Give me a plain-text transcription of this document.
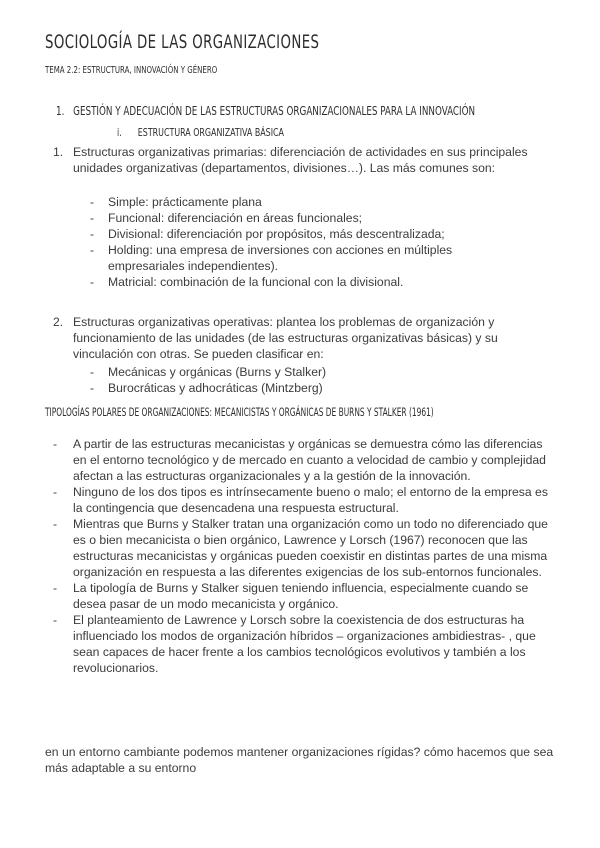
SOCIOLOGÍA DE LAS ORGANIZACIONES
TEMA 2.2: ESTRUCTURA, INNOVACIÓN Y GÉNERO
1. GESTIÓN Y ADECUACIÓN DE LAS ESTRUCTURAS ORGANIZACIONALES PARA LA INNOVACIÓN
i. ESTRUCTURA ORGANIZATIVA BÁSICA
1. Estructuras organizativas primarias: diferenciación de actividades en sus principales unidades organizativas (departamentos, divisiones…). Las más comunes son:
- Simple: prácticamente plana
- Funcional: diferenciación en áreas funcionales;
- Divisional: diferenciación por propósitos, más descentralizada;
- Holding: una empresa de inversiones con acciones en múltiples empresariales independientes).
- Matricial: combinación de la funcional con la divisional.
2. Estructuras organizativas operativas: plantea los problemas de organización y funcionamiento de las unidades (de las estructuras organizativas básicas) y su vinculación con otras. Se pueden clasificar en:
- Mecánicas y orgánicas (Burns y Stalker)
- Burocráticas y adhocráticas (Mintzberg)
TIPOLOGÍAS POLARES DE ORGANIZACIONES: MECANICISTAS Y ORGÁNICAS DE BURNS Y STALKER (1961)
- A partir de las estructuras mecanicistas y orgánicas se demuestra cómo las diferencias en el entorno tecnológico y de mercado en cuanto a velocidad de cambio y complejidad afectan a las estructuras organizacionales y a la gestión de la innovación.
- Ninguno de los dos tipos es intrínsecamente bueno o malo; el entorno de la empresa es la contingencia que desencadena una respuesta estructural.
- Mientras que Burns y Stalker tratan una organización como un todo no diferenciado que es o bien mecanicista o bien orgánico, Lawrence y Lorsch (1967) reconocen que las estructuras mecanicistas y orgánicas pueden coexistir en distintas partes de una misma organización en respuesta a las diferentes exigencias de los sub-entornos funcionales.
- La tipología de Burns y Stalker siguen teniendo influencia, especialmente cuando se desea pasar de un modo mecanicista y orgánico.
- El planteamiento de Lawrence y Lorsch sobre la coexistencia de dos estructuras ha influenciado los modos de organización híbridos – organizaciones ambidiestras- , que sean capaces de hacer frente a los cambios tecnológicos evolutivos y también a los revolucionarios.
en un entorno cambiante podemos mantener organizaciones rígidas? cómo hacemos que sea más adaptable a su entorno
